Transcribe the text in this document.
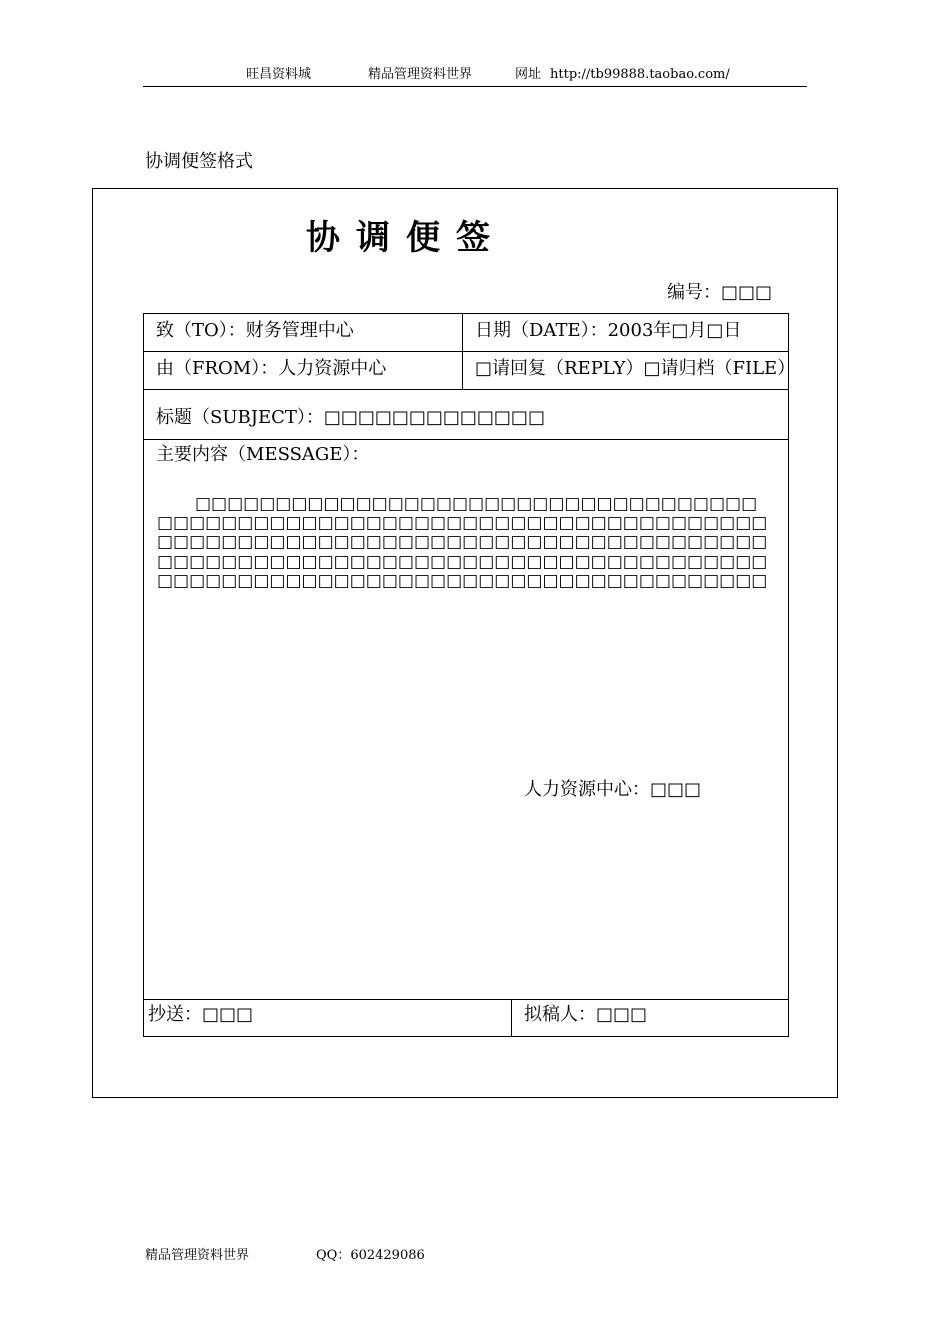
旺昌资料城	精品管理资料世界	网址 http://tb99888.taobao.com/
协调便签格式
协调便签
编号：□□□
致（TO）：财务管理中心	日期（DATE）：2003年□月□日
由（FROM）：人力资源中心	□请回复（REPLY）□请归档（FILE）
标题（SUBJECT）：□□□□□□□□□□□□□
主要内容（MESSAGE）：
□□□□□□□□□□□□□□□□□□□□□□□□□□□□□□□□□□□□□□□□□□□□□□□□□□□□□□□□□□□□□□□□□□□□□□□□□□□□□□□□□□□□□□□□□□□□□□□□□□□□□□□□□□□□□□□□□□□□□□□□□□□□□□□□□□□□□□□□□□□□□□□□□□□□□□□□□□□□□□□□□□□□□□□□□□□□□□□□□□□□□□□□□□□
人力资源中心：□□□
抄送：□□□	拟稿人：□□□
精品管理资料世界	QQ：602429086
